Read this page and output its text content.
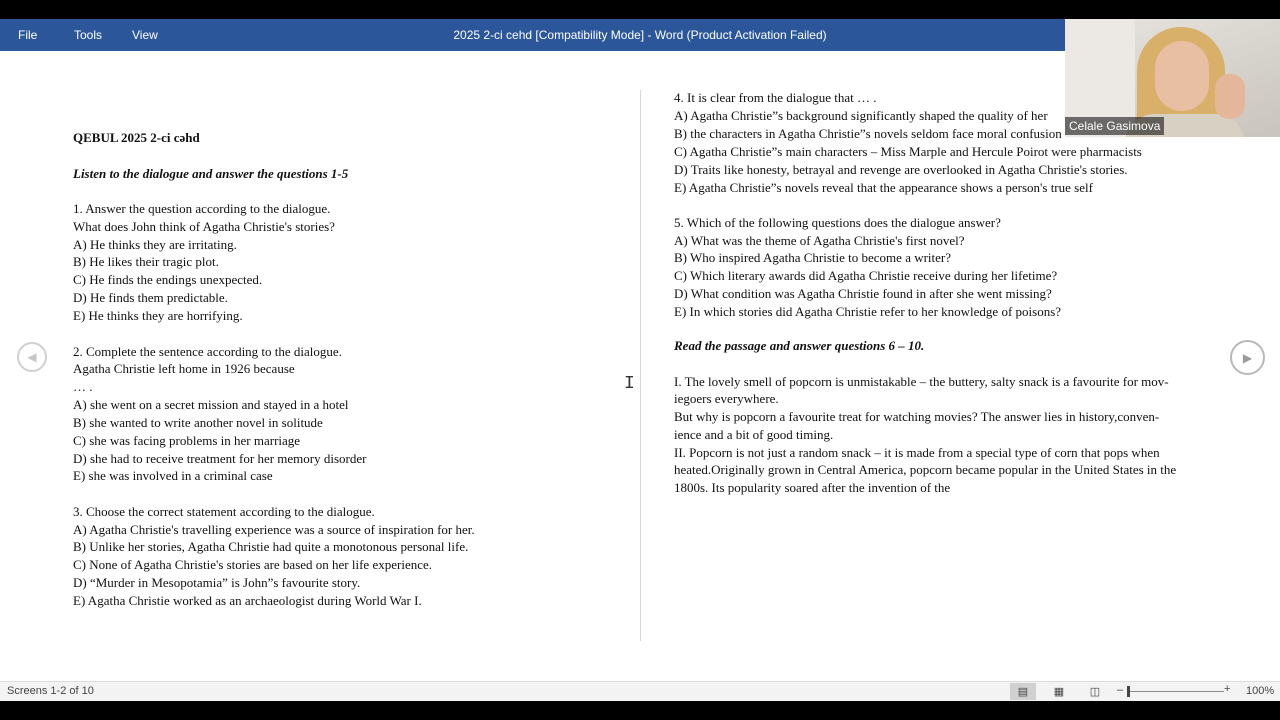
File	Tools View	2025 2-ci cehd [Compatibility Mode] - Word (Product Activation Failed)
QEBUL 2025 2-ci cəhd
Listen to the dialogue and answer the questions 1-5
1. Answer the question according to the dialogue.
What does John think of Agatha Christie's stories?
A) He thinks they are irritating.
B) He likes their tragic plot.
C) He finds the endings unexpected.
D) He finds them predictable.
E) He thinks they are horrifying.
2. Complete the sentence according to the dialogue.
Agatha Christie left home in 1926 because
… .
A) she went on a secret mission and stayed in a hotel
B) she wanted to write another novel in solitude
C) she was facing problems in her marriage
D) she had to receive treatment for her memory disorder
E) she was involved in a criminal case
3. Choose the correct statement according to the dialogue.
A) Agatha Christie's travelling experience was a source of inspiration for her.
B) Unlike her stories, Agatha Christie had quite a monotonous personal life.
C) None of Agatha Christie's stories are based on her life experience.
D) “Murder in Mesopotamia” is John”s favourite story.
E) Agatha Christie worked as an archaeologist during World War I.
4. It is clear from the dialogue that … .
A) Agatha Christie”s background significantly shaped the quality of her
B) the characters in Agatha Christie”s novels seldom face moral confusion
C) Agatha Christie”s main characters – Miss Marple and Hercule Poirot were pharmacists
D) Traits like honesty, betrayal and revenge are overlooked in Agatha Christie's stories.
E) Agatha Christie”s novels reveal that the appearance shows a person's true self
5. Which of the following questions does the dialogue answer?
A) What was the theme of Agatha Christie's first novel?
B) Who inspired Agatha Christie to become a writer?
C) Which literary awards did Agatha Christie receive during her lifetime?
D) What condition was Agatha Christie found in after she went missing?
E) In which stories did Agatha Christie refer to her knowledge of poisons?
Read the passage and answer questions 6 – 10.
I. The lovely smell of popcorn is unmistakable – the buttery, salty snack is a favourite for mov-
iegoers everywhere.
But why is popcorn a favourite treat for watching movies? The answer lies in history,conven-
ience and a bit of good timing.
II. Popcorn is not just a random snack – it is made from a special type of corn that pops when
heated.Originally grown in Central America, popcorn became popular in the United States in the
1800s. Its popularity soared after the invention of the
◀	▶
I
Celale Gasimova
Screens 1-2 of 10	▤ ▦ ◫ –	+ 100%
